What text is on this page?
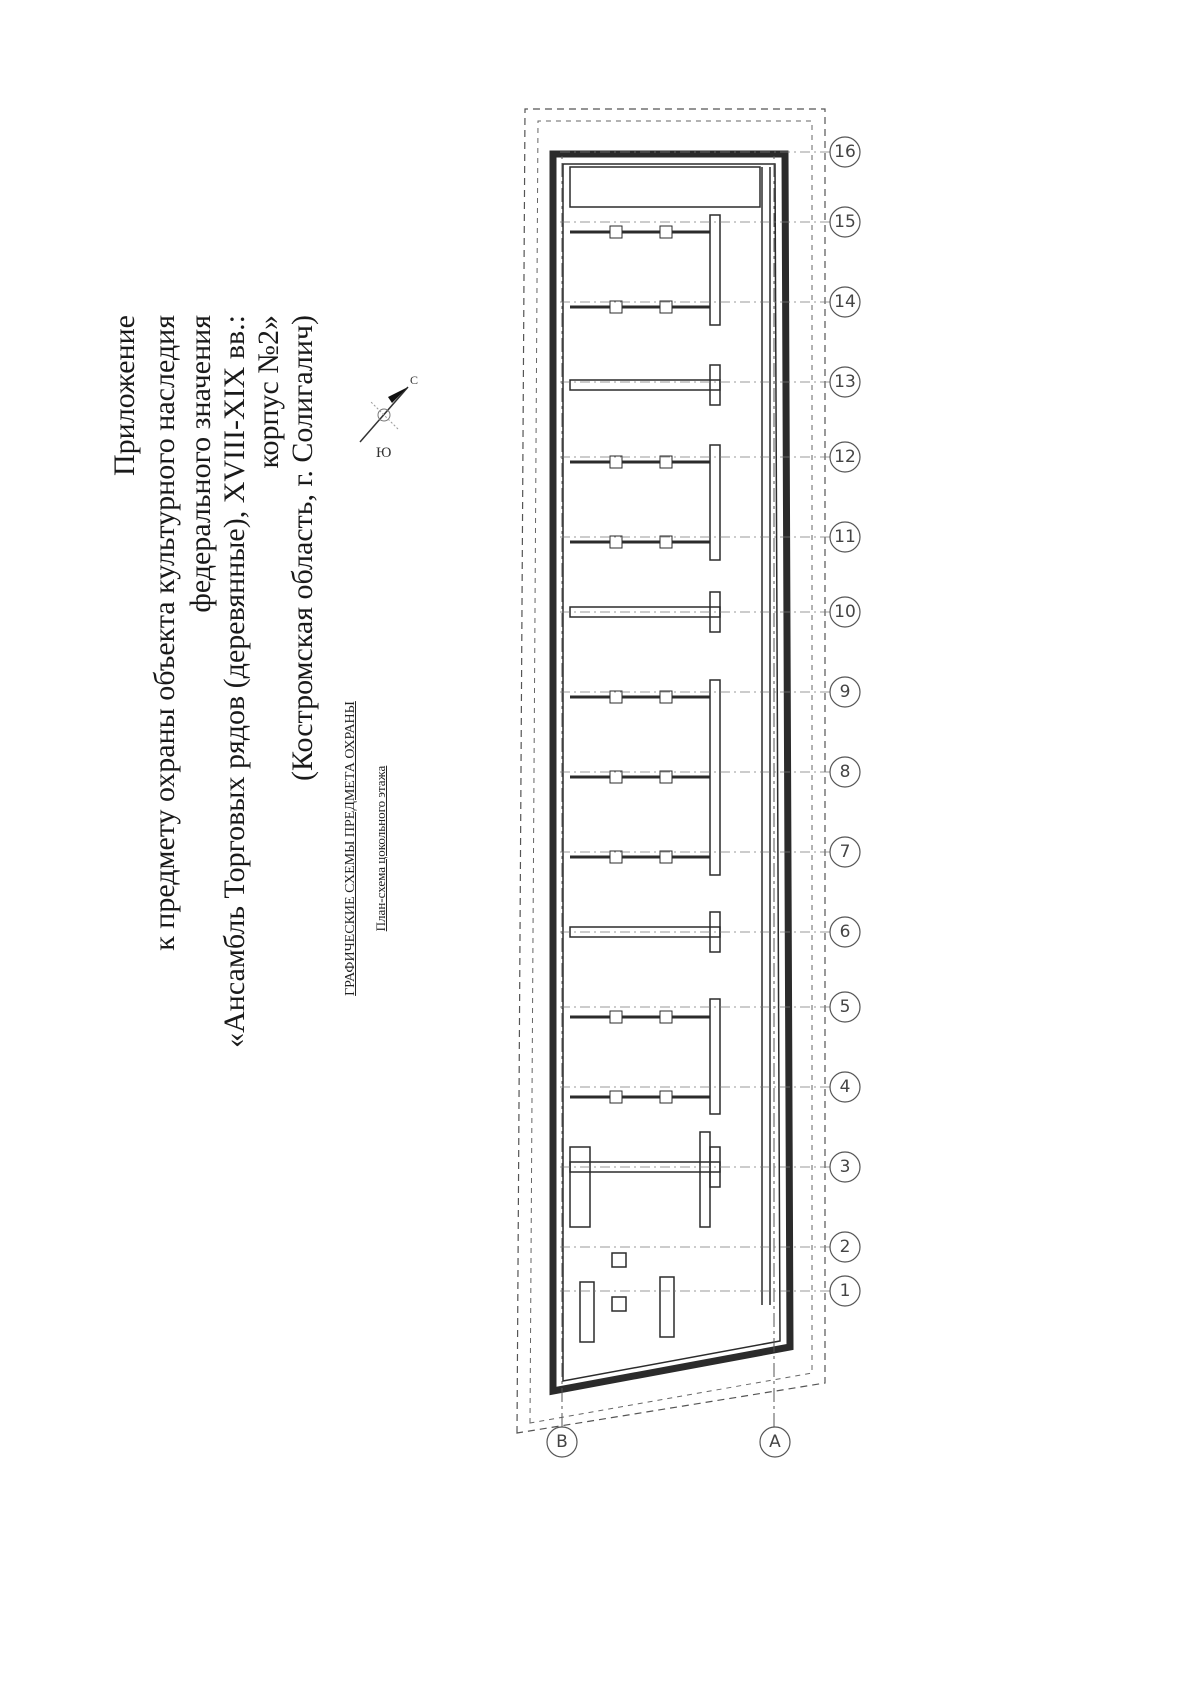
Приложение к предмету охраны объекта культурного наследия федерального значения «Ансамбль Торговых рядов (деревянные), XVIII-XIX вв.: корпус №2» (Костромская область, г. Солигалич)
ГРАФИЧЕСКИЕ СХЕМЫ ПРЕДМЕТА ОХРАНЫ План-схема цокольного этажа
Ю
С
А
В
1
2
3
4
5
6
7
8
9
10
11
12
13
14
15
16
